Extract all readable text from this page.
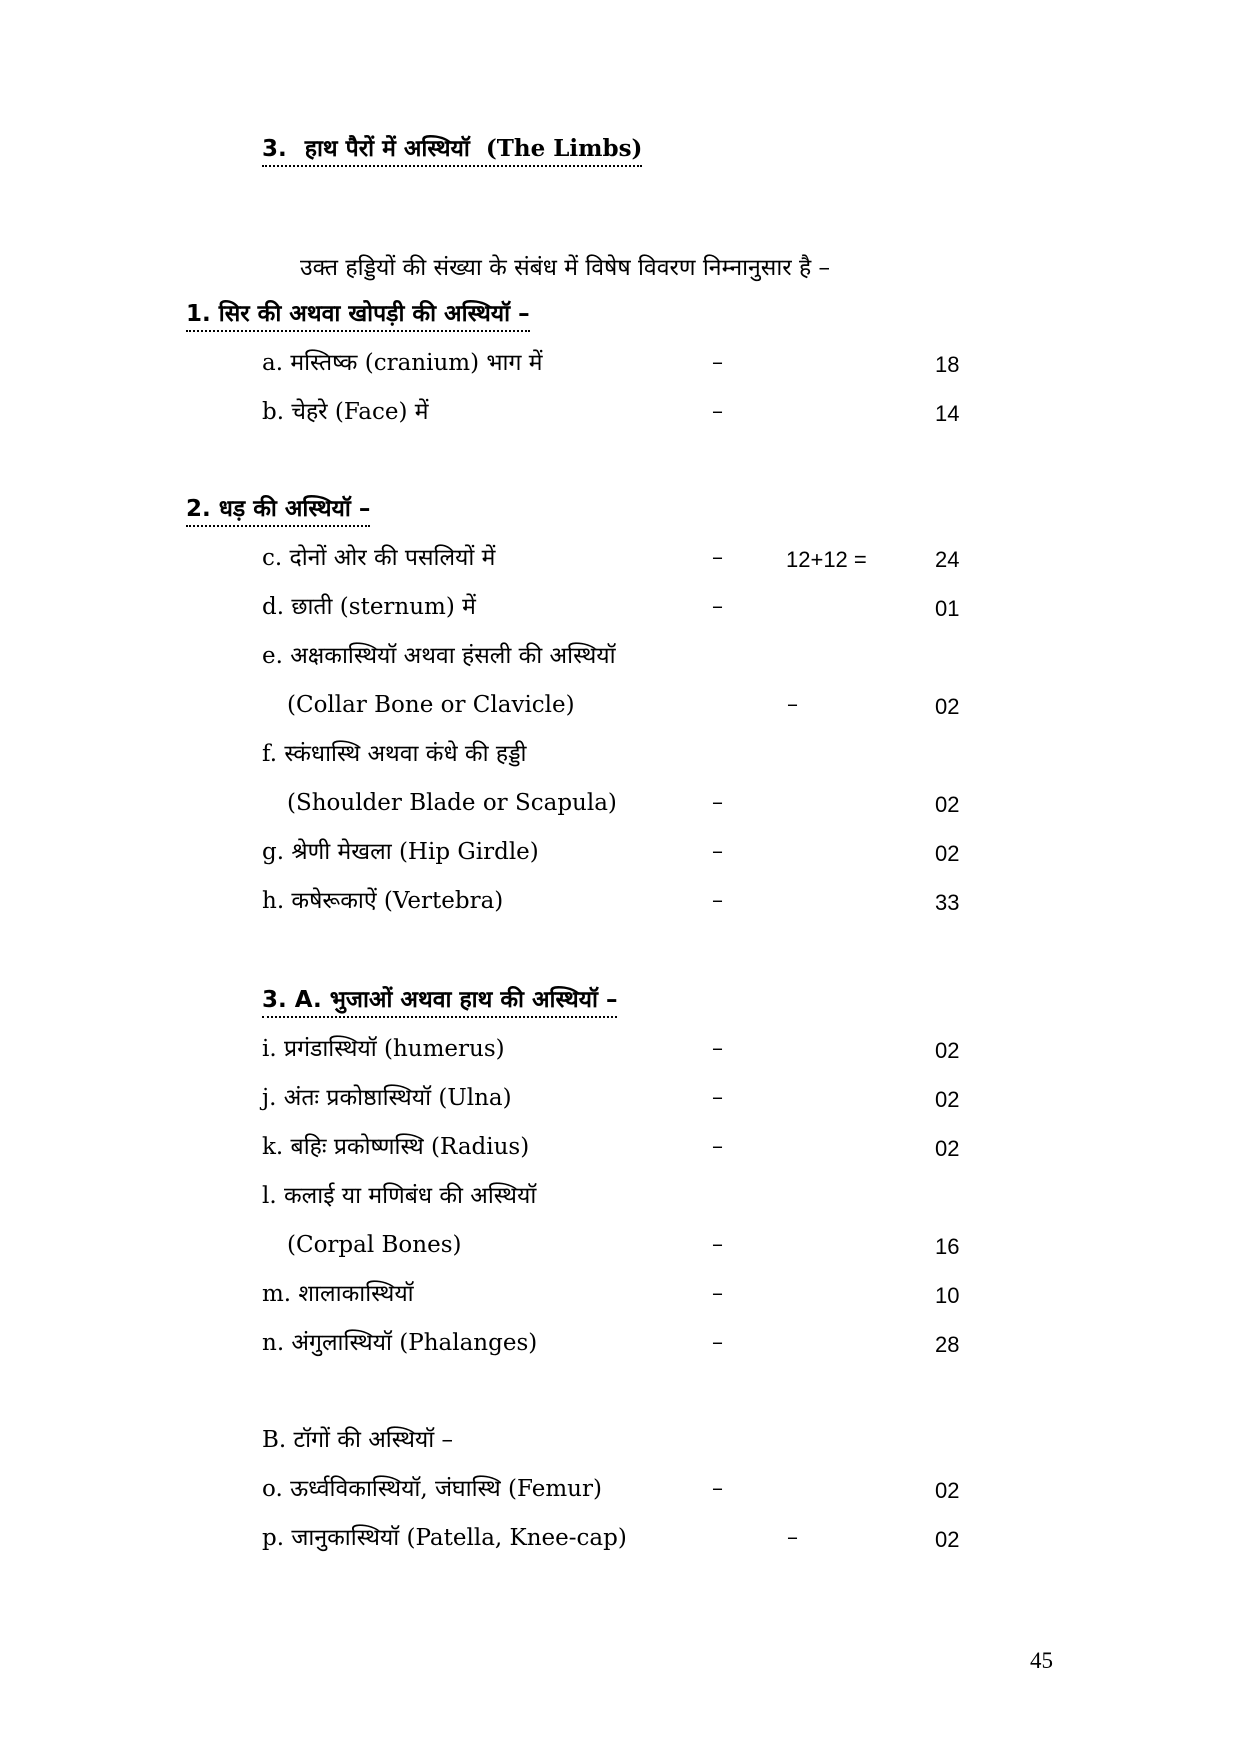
3. हाथ पैरों में अस्थियॉ (The Limbs)
उक्त हड्डियों की संख्या के संबंध में विषेष विवरण निम्नानुसार है –
1. सिर की अथवा खोपड़ी की अस्थियॉ –
a. मस्तिष्क (cranium) भाग में	–	18
b. चेहरे (Face) में	–	14
2. धड़ की अस्थियॉ –
c. दोनों ओर की पसलियों में	–	12+12 =	24
d. छाती (sternum) में	–	01
e. अक्षकास्थियॉ अथवा हंसली की अस्थियॉ
(Collar Bone or Clavicle)	–	02
f. स्कंधास्थि अथवा कंधे की हड्डी
(Shoulder Blade or Scapula)	–	02
g. श्रेणी मेखला (Hip Girdle)	–	02
h. कषेरूकाऐं (Vertebra)	–	33
3. A. भुजाओं अथवा हाथ की अस्थियॉ –
i. प्रगंडास्थियॉ (humerus)	–	02
j. अंतः प्रकोष्ठास्थियॉ (Ulna)	–	02
k. बहिः प्रकोष्णस्थि (Radius)	–	02
l. कलाई या मणिबंध की अस्थियॉ
(Corpal Bones)	–	16
m. शालाकास्थियॉ	–	10
n. अंगुलास्थियॉ (Phalanges)	–	28
B. टॉगों की अस्थियॉ –
o. ऊर्ध्वविकास्थियॉ, जंघास्थि (Femur)	–	02
p. जानुकास्थियॉ (Patella, Knee-cap)	–	02
45
